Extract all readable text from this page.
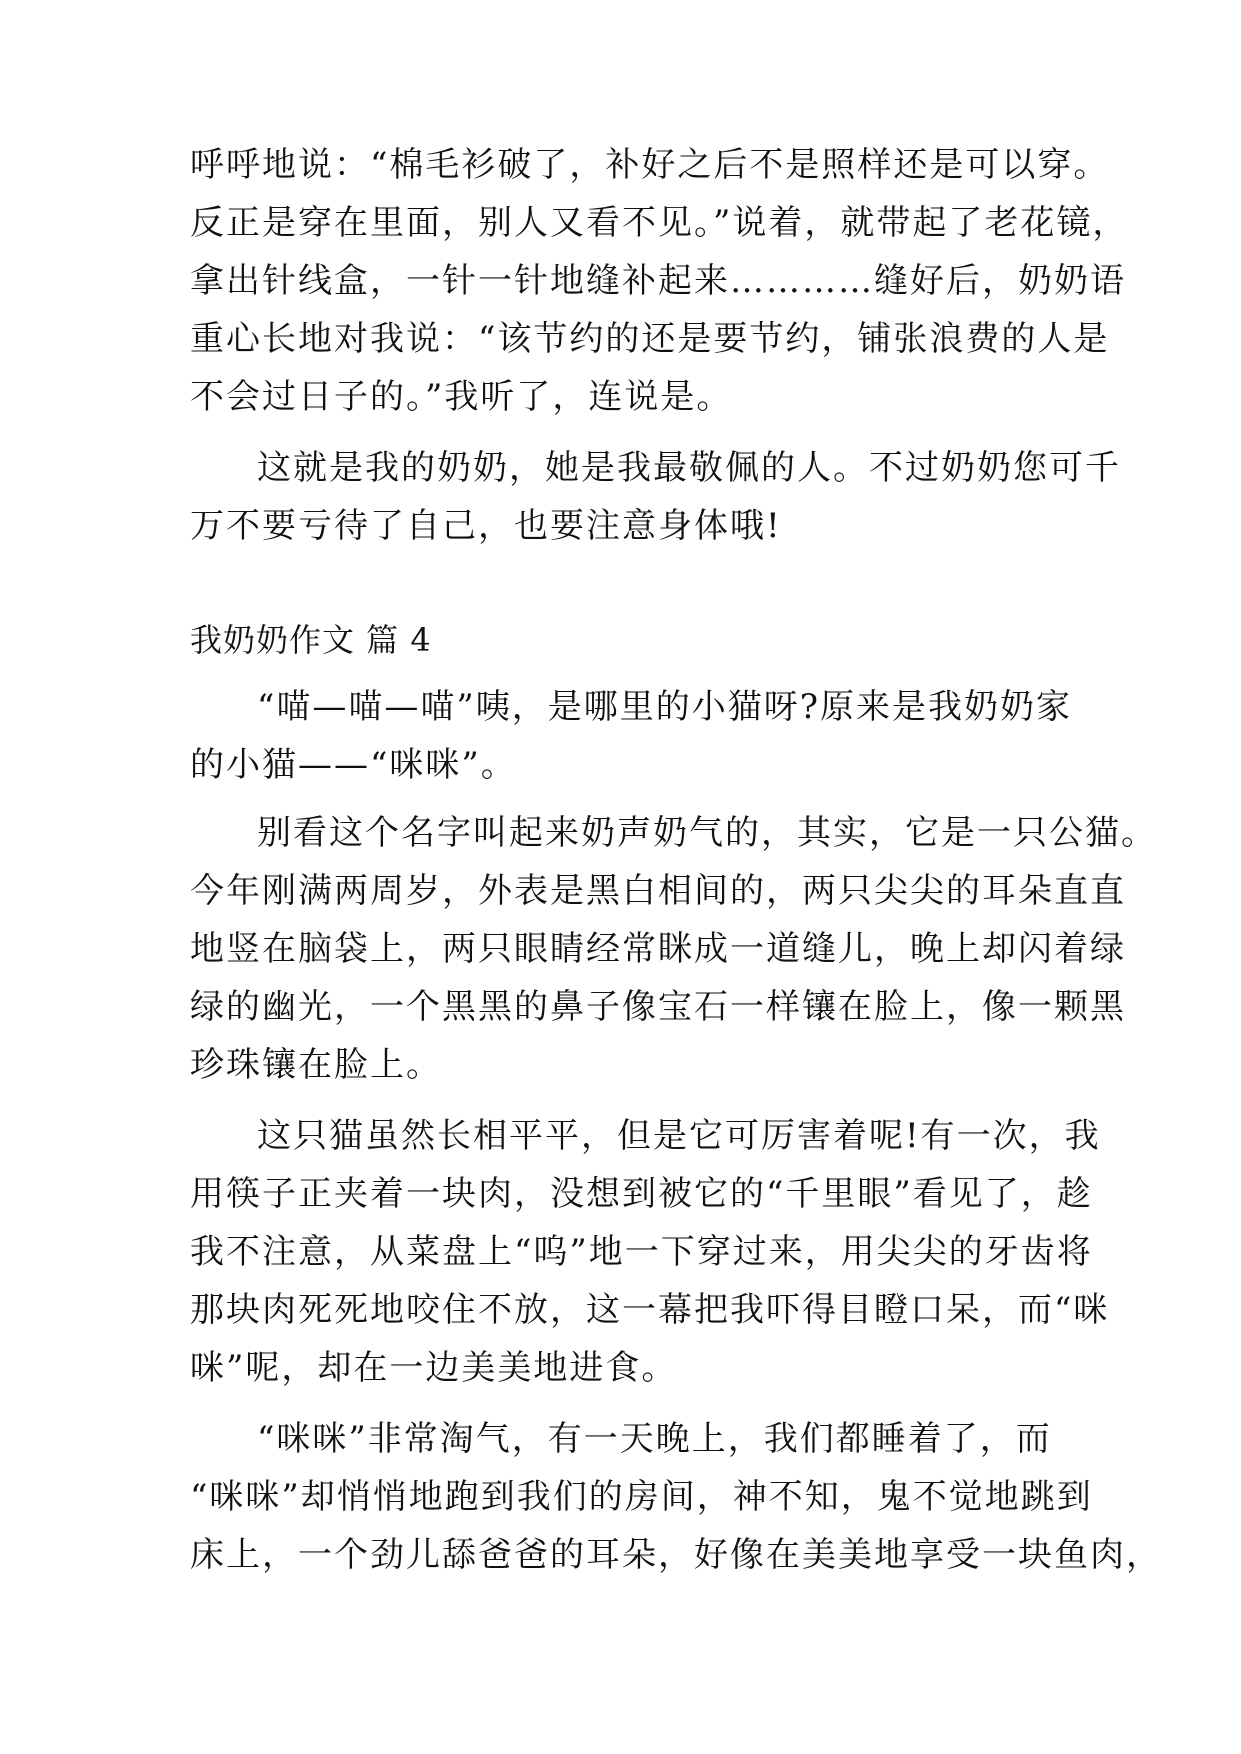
呼呼地说：“棉毛衫破了，补好之后不是照样还是可以穿。
反正是穿在里面，别人又看不见。”说着，就带起了老花镜，
拿出针线盒，一针一针地缝补起来…………缝好后，奶奶语
重心长地对我说：“该节约的还是要节约，铺张浪费的人是
不会过日子的。”我听了，连说是。
这就是我的奶奶，她是我最敬佩的人。不过奶奶您可千
万不要亏待了自己，也要注意身体哦!
我奶奶作文 篇 4
“喵—喵—喵”咦，是哪里的小猫呀?原来是我奶奶家
的小猫——“咪咪”。
别看这个名字叫起来奶声奶气的，其实，它是一只公猫。
今年刚满两周岁，外表是黑白相间的，两只尖尖的耳朵直直
地竖在脑袋上，两只眼睛经常眯成一道缝儿，晚上却闪着绿
绿的幽光，一个黑黑的鼻子像宝石一样镶在脸上，像一颗黑
珍珠镶在脸上。
这只猫虽然长相平平，但是它可厉害着呢!有一次，我
用筷子正夹着一块肉，没想到被它的“千里眼”看见了，趁
我不注意，从菜盘上“呜”地一下穿过来，用尖尖的牙齿将
那块肉死死地咬住不放，这一幕把我吓得目瞪口呆，而“咪
咪”呢，却在一边美美地进食。
“咪咪”非常淘气，有一天晚上，我们都睡着了，而
“咪咪”却悄悄地跑到我们的房间，神不知，鬼不觉地跳到
床上，一个劲儿舔爸爸的耳朵，好像在美美地享受一块鱼肉，
